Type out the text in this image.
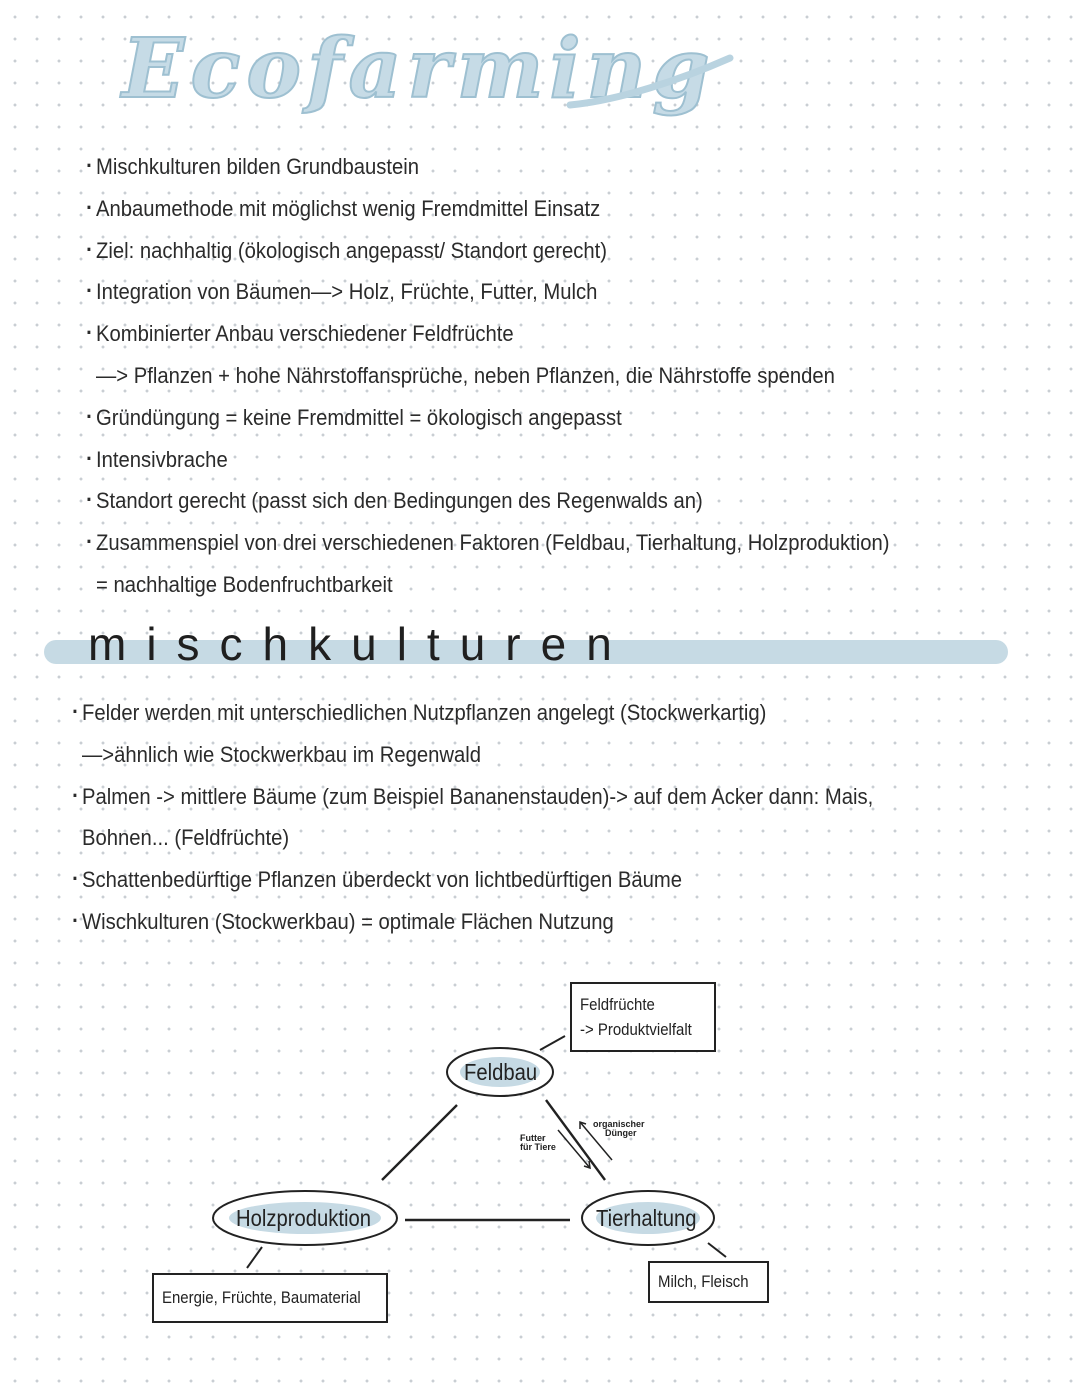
Ecofarming
· Mischkulturen bilden Grundbaustein
· Anbaumethode mit möglichst wenig Fremdmittel Einsatz
· Ziel: nachhaltig (ökologisch angepasst/ Standort gerecht)
· Integration von Bäumen—> Holz, Früchte, Futter, Mulch
· Kombinierter Anbau verschiedener Feldfrüchte
—> Pflanzen + hohe Nährstoffansprüche, neben Pflanzen, die Nährstoffe spenden
· Gründüngung = keine Fremdmittel = ökologisch angepasst
· Intensivbrache
· Standort gerecht (passt sich den Bedingungen des Regenwalds an)
· Zusammenspiel von drei verschiedenen Faktoren (Feldbau, Tierhaltung, Holzproduktion)
= nachhaltige Bodenfruchtbarkeit
mischkulturen
· Felder werden mit unterschiedlichen Nutzpflanzen angelegt (Stockwerkartig)
—>ähnlich wie Stockwerkbau im Regenwald
· Palmen -> mittlere Bäume (zum Beispiel Bananenstauden)-> auf dem Acker dann: Mais,
Bohnen... (Feldfrüchte)
· Schattenbedürftige Pflanzen überdeckt von lichtbedürftigen Bäume
· Wischkulturen (Stockwerkbau) = optimale Flächen Nutzung
Feldbau
Holzproduktion	Tierhaltung
Feldfrüchte
-> Produktvielfalt
Energie, Früchte, Baumaterial
Milch, Fleisch
Futter
für Tiere
organischer
Dünger
